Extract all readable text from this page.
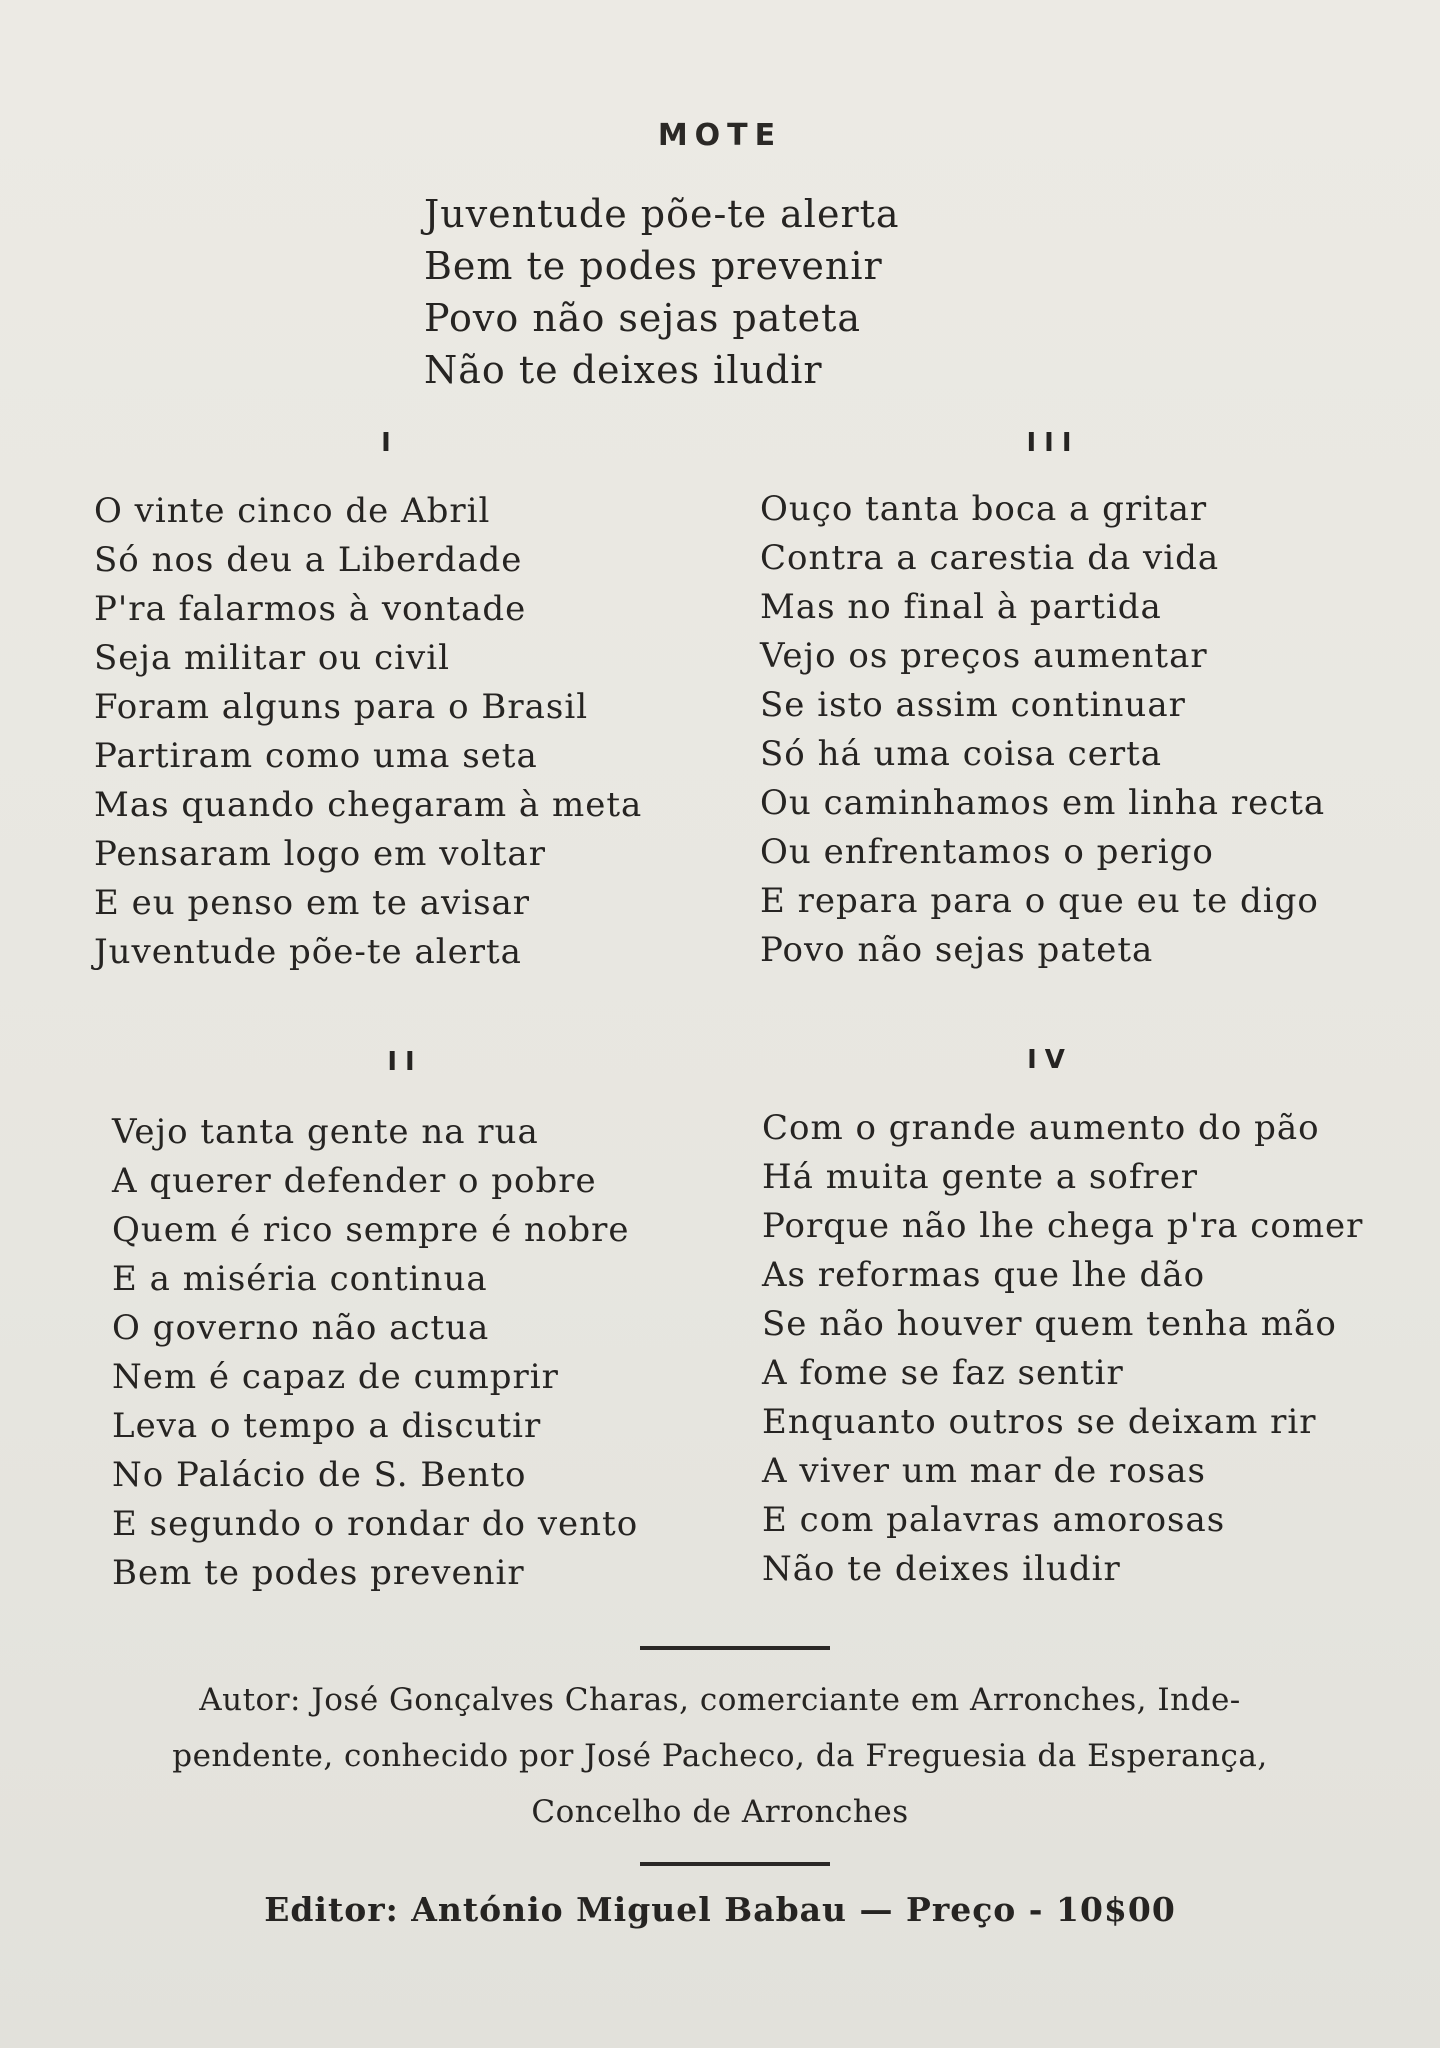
MOTE
Juventude põe-te alerta
Bem te podes prevenir
Povo não sejas pateta
Não te deixes iludir
I
O vinte cinco de Abril
Só nos deu a Liberdade
P'ra falarmos à vontade
Seja militar ou civil
Foram alguns para o Brasil
Partiram como uma seta
Mas quando chegaram à meta
Pensaram logo em voltar
E eu penso em te avisar
Juventude põe-te alerta
III
Ouço tanta boca a gritar
Contra a carestia da vida
Mas no final à partida
Vejo os preços aumentar
Se isto assim continuar
Só há uma coisa certa
Ou caminhamos em linha recta
Ou enfrentamos o perigo
E repara para o que eu te digo
Povo não sejas pateta
II
Vejo tanta gente na rua
A querer defender o pobre
Quem é rico sempre é nobre
E a miséria continua
O governo não actua
Nem é capaz de cumprir
Leva o tempo a discutir
No Palácio de S. Bento
E segundo o rondar do vento
Bem te podes prevenir
IV
Com o grande aumento do pão
Há muita gente a sofrer
Porque não lhe chega p'ra comer
As reformas que lhe dão
Se não houver quem tenha mão
A fome se faz sentir
Enquanto outros se deixam rir
A viver um mar de rosas
E com palavras amorosas
Não te deixes iludir
Autor: José Gonçalves Charas, comerciante em Arronches, Inde-
pendente, conhecido por José Pacheco, da Freguesia da Esperança,
Concelho de Arronches
Editor: António Miguel Babau — Preço - 10$00
